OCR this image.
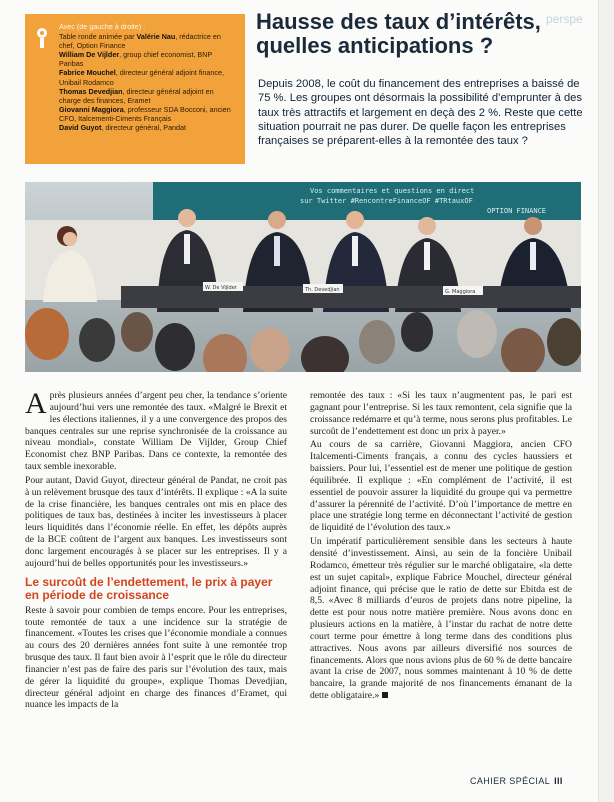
Avec (de gauche à droite) :

Table ronde animée par Valérie Nau, rédactrice en chef, Option Finance

William De Vijlder, group chief economist, BNP Paribas

Fabrice Mouchel, directeur général adjoint finance, Unibail Rodamco

Thomas Devedjian, directeur général adjoint en charge des finances, Eramet

Giovanni Maggiora, professeur SDA Bocconi, ancien CFO, Italcementi-Ciments Français

David Guyot, directeur général, Pandat

Hausse des taux d’intérêts,
quelles anticipations ?
perspe

Depuis 2008, le coût du financement des entreprises a baissé de 75 %. Les groupes ont désormais la possibilité d’emprunter à des taux très attractifs et largement en deçà des 2 %. Reste que cette situation pourrait ne pas durer. De quelle façon les entreprises françaises se préparent-elles à la remontée des taux ?

Vos commentaires et questions en direct
sur Twitter #RencontreFinanceOF #TRtauxOF
OPTION FINANCE
W. De Vijlder	Th. Devedjian	G. Maggiora

Après plusieurs années d’argent peu cher, la tendance s’oriente aujourd’hui vers une remontée des taux. «Malgré le Brexit et les élections italiennes, il y a une convergence des propos des banques centrales sur une reprise synchronisée de la croissance au niveau mondial», constate William De Vijlder, Group Chief Economist chez BNP Paribas. Dans ce contexte, la remontée des taux semble inexorable.

Pour autant, David Guyot, directeur général de Pandat, ne croit pas à un relèvement brusque des taux d’intérêts. Il explique : «A la suite de la crise financière, les banques centrales ont mis en place des politiques de taux bas, destinées à inciter les investisseurs à placer leurs liquidités dans l’économie réelle. En effet, les dépôts auprès de la BCE coûtent de l’argent aux banques. Les investisseurs sont donc largement encouragés à se placer sur les entreprises. Il y a aujourd’hui de belles opportunités pour les investisseurs.»

Le surcoût de l’endettement, le prix à payer
en période de croissance

Reste à savoir pour combien de temps encore. Pour les entreprises, toute remontée de taux a une incidence sur la stratégie de financement. «Toutes les crises que l’économie mondiale a connues au cours des 20 dernières années font suite à une remontée trop brusque des taux. Il faut bien avoir à l’esprit que le rôle du directeur financier n’est pas de faire des paris sur l’évolution des taux, mais de gérer la liquidité du groupe», explique Thomas Devedjian, directeur général adjoint en charge des finances d’Eramet, qui nuance les impacts de la

remontée des taux : «Si les taux n’augmentent pas, le pari est gagnant pour l’entreprise. Si les taux remontent, cela signifie que la croissance redémarre et qu’à terme, nous serons plus profitables. Le surcoût de l’endettement est donc un prix à payer.»

Au cours de sa carrière, Giovanni Maggiora, ancien CFO Italcementi-Ciments français, a connu des cycles haussiers et baissiers. Pour lui, l’essentiel est de mener une politique de gestion équilibrée. Il explique : «En complément de l’activité, il est essentiel de pouvoir assurer la liquidité du groupe qui va permettre d’assurer la pérennité de l’activité. D’où l’importance de mettre en place une stratégie long terme en déconnectant l’activité de gestion de liquidité de l’évolution des taux.»

Un impératif particulièrement sensible dans les secteurs à haute densité d’investissement. Ainsi, au sein de la foncière Unibail Rodamco, émetteur très régulier sur le marché obligataire, «la dette est un sujet capital», explique Fabrice Mouchel, directeur général adjoint finance, qui précise que le ratio de dette sur Ebitda est de 8,5. «Avec 8 milliards d’euros de projets dans notre pipeline, la dette est pour nous notre matière première. Nous avons donc en plusieurs actions en la matière, à l’instar du rachat de notre dette court terme pour émettre à long terme dans des conditions plus attractives. Nous avons par ailleurs diversifié nos sources de financements. Alors que nous avions plus de 60 % de dette bancaire avant la crise de 2007, nous sommes maintenant à 10 % de dette bancaire, la grande majorité de nos financements émanant de la dette obligataire.»

CAHIER SPÉCIAL III
